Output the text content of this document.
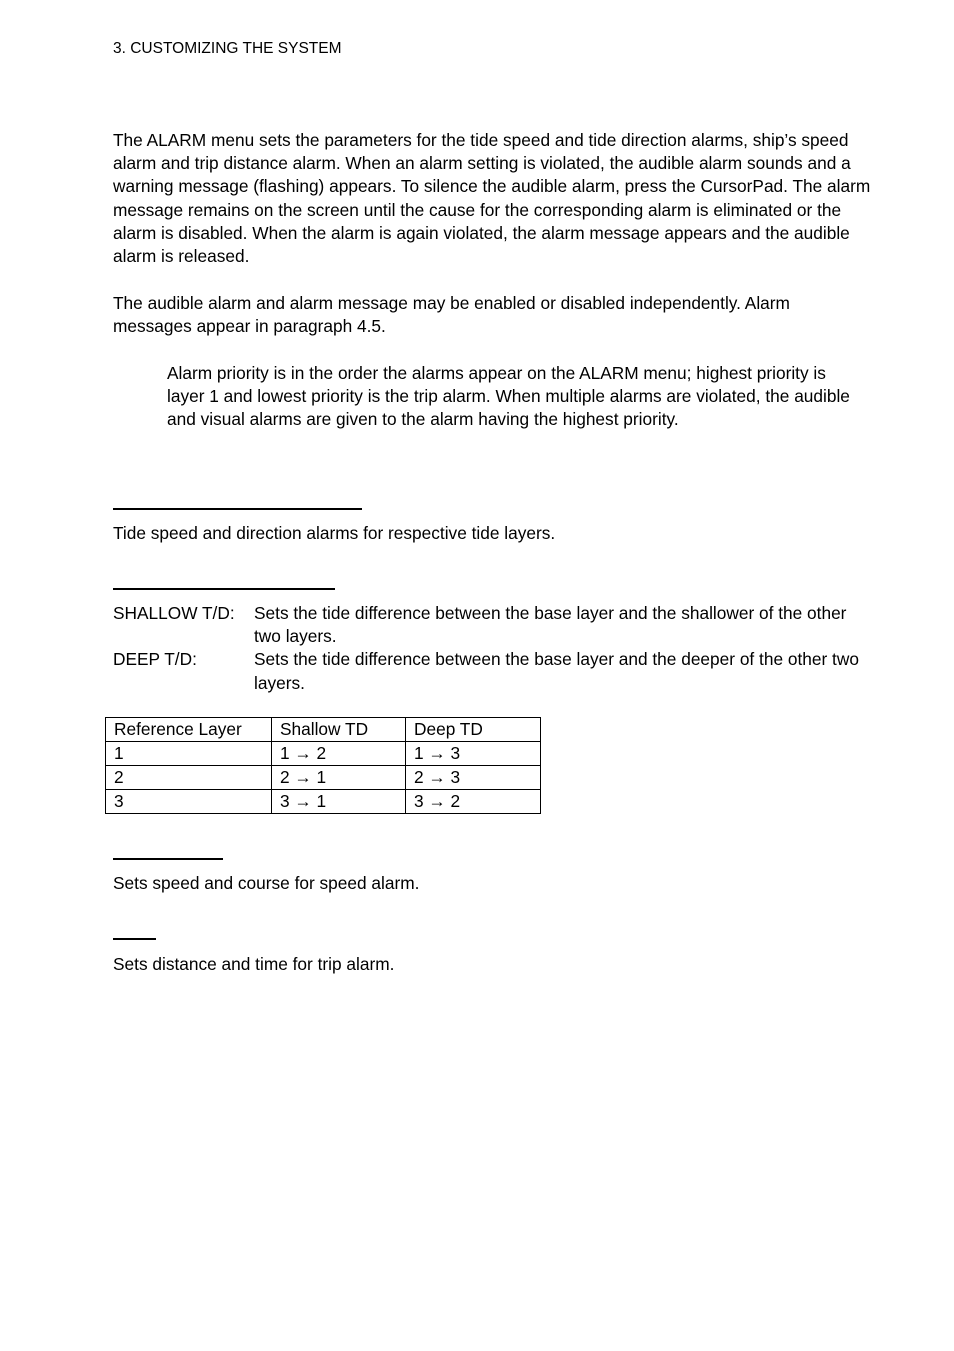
3. CUSTOMIZING THE SYSTEM

The ALARM menu sets the parameters for the tide speed and tide direction alarms, ship’s speed alarm and trip distance alarm. When an alarm setting is violated, the audible alarm sounds and a warning message (flashing) appears. To silence the audible alarm, press the CursorPad. The alarm message remains on the screen until the cause for the corresponding alarm is eliminated or the alarm is disabled. When the alarm is again violated, the alarm message appears and the audible alarm is released.

The audible alarm and alarm message may be enabled or disabled independently. Alarm messages appear in paragraph 4.5.

Alarm priority is in the order the alarms appear on the ALARM menu; highest priority is layer 1 and lowest priority is the trip alarm. When multiple alarms are violated, the audible and visual alarms are given to the alarm having the highest priority.

Tide speed and direction alarms for respective tide layers.

SHALLOW T/D:	Sets the tide difference between the base layer and the shallower of the other two layers.
DEEP T/D:	Sets the tide difference between the base layer and the deeper of the other two layers.
Reference Layer	Shallow TD	Deep TD
1	1 → 2	1 → 3
2	2 → 1	2 → 3
3	3 → 1	3 → 2

Sets speed and course for speed alarm.

Sets distance and time for trip alarm.
